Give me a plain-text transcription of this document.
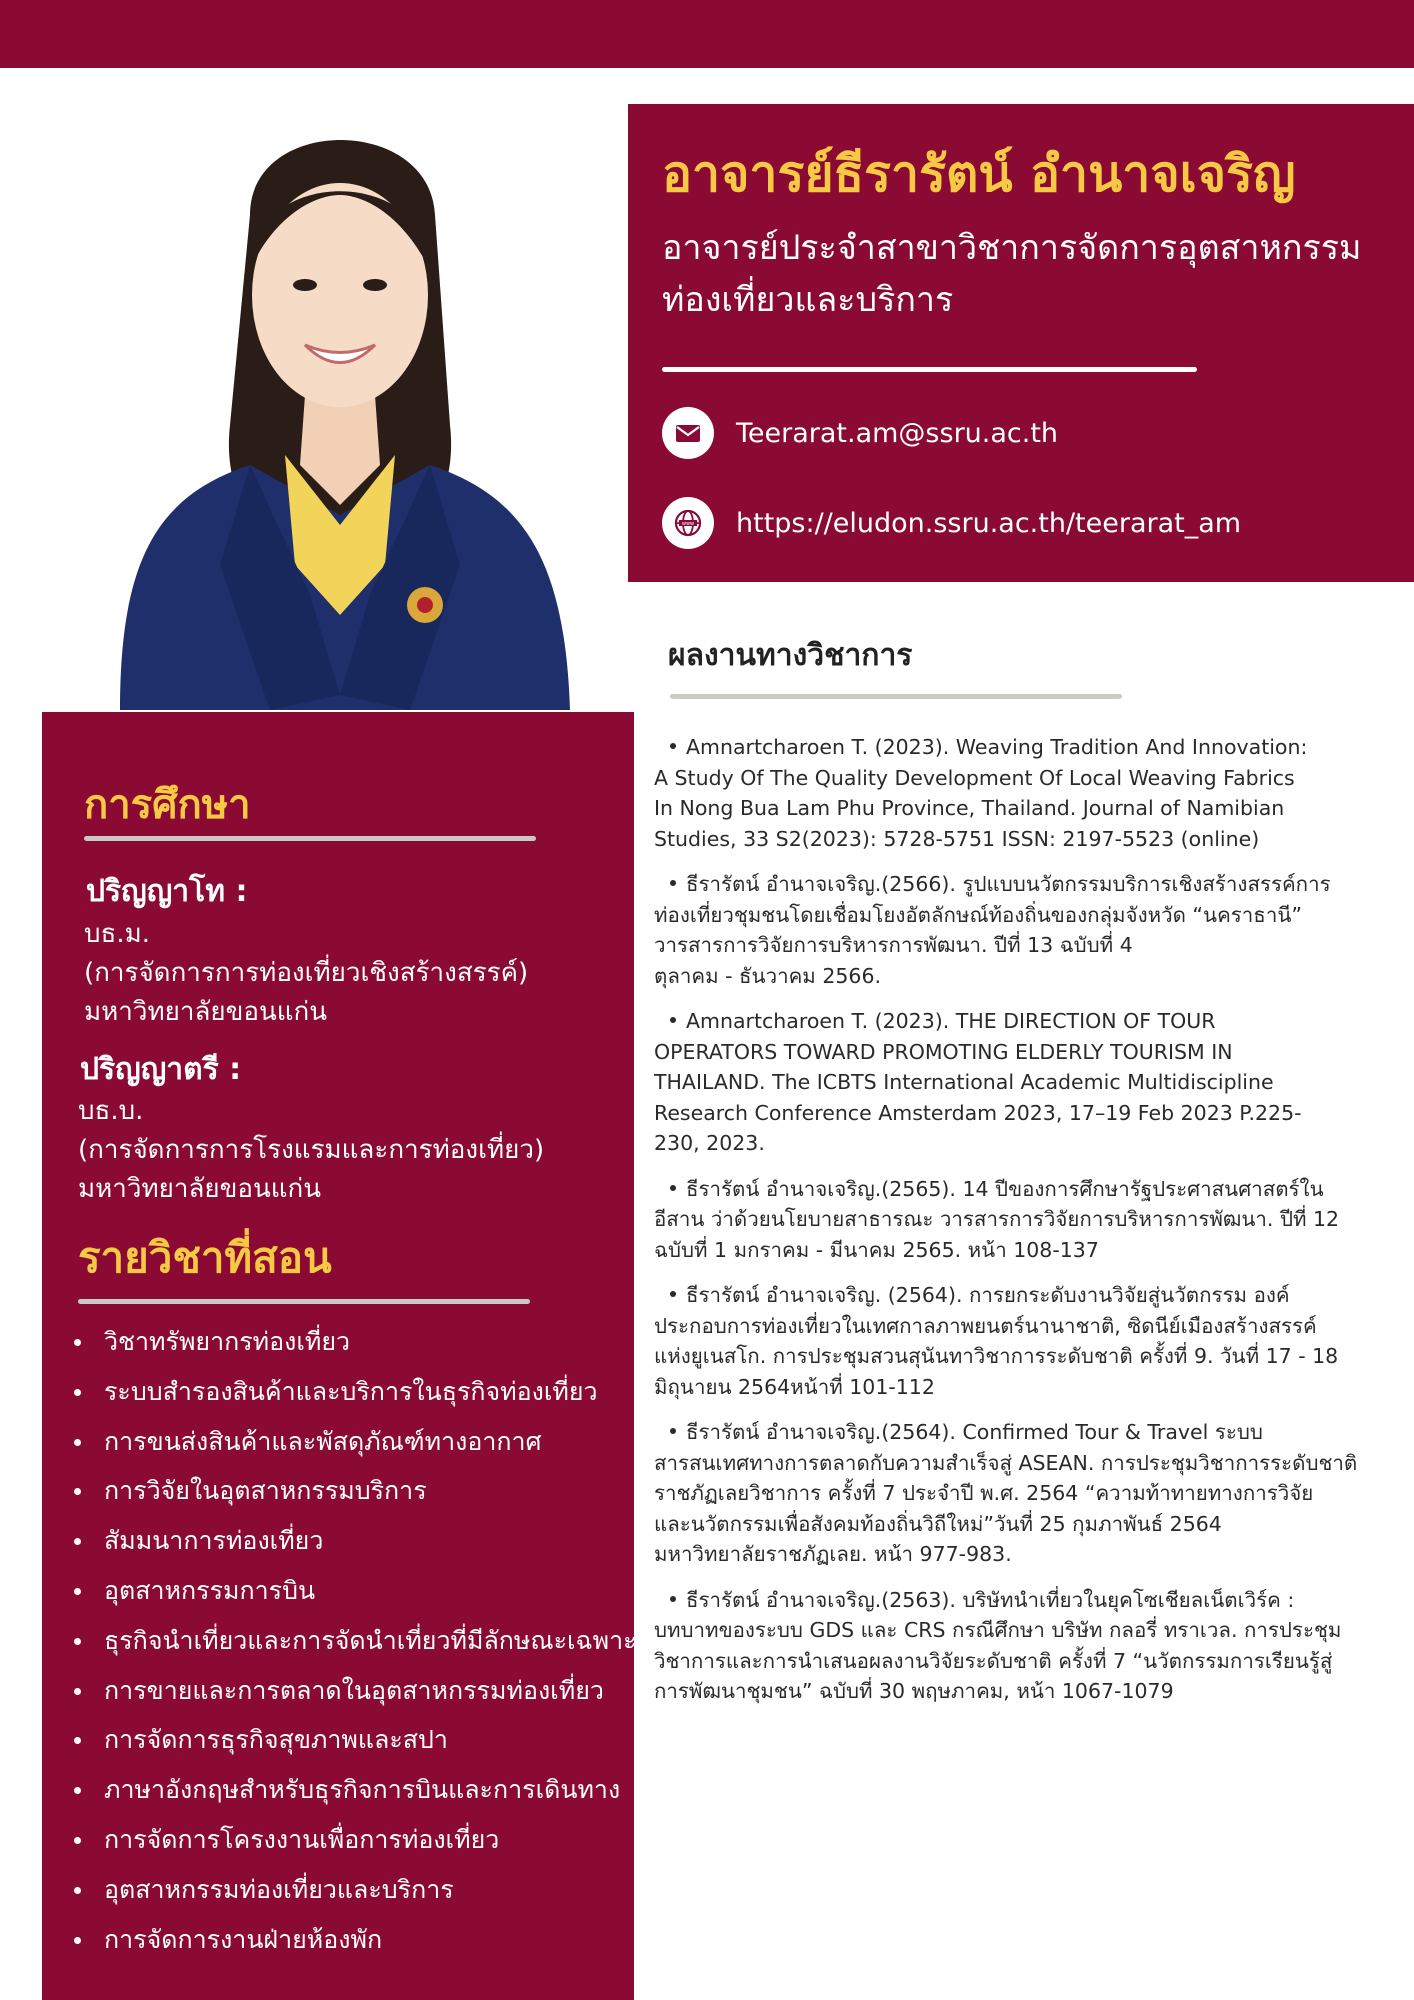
อาจารย์ธีรารัตน์ อำนาจเจริญ
อาจารย์ประจำสาขาวิชาการจัดการอุตสาหกรรม
ท่องเที่ยวและบริการ
Teerarat.am@ssru.ac.th
www https://eludon.ssru.ac.th/teerarat_am
การศึกษา
ปริญญาโท :
บธ.ม.
(การจัดการการท่องเที่ยวเชิงสร้างสรรค์)
มหาวิทยาลัยขอนแก่น
ปริญญาตรี :
บธ.บ.
(การจัดการการโรงแรมและการท่องเที่ยว)
มหาวิทยาลัยขอนแก่น
รายวิชาที่สอน
วิชาทรัพยากรท่องเที่ยว
ระบบสำรองสินค้าและบริการในธุรกิจท่องเที่ยว
การขนส่งสินค้าและพัสดุภัณฑ์ทางอากาศ
การวิจัยในอุตสาหกรรมบริการ
สัมมนาการท่องเที่ยว
อุตสาหกรรมการบิน
ธุรกิจนำเที่ยวและการจัดนำเที่ยวที่มีลักษณะเฉพาะ
การขายและการตลาดในอุตสาหกรรมท่องเที่ยว
การจัดการธุรกิจสุขภาพและสปา
ภาษาอังกฤษสำหรับธุรกิจการบินและการเดินทาง
การจัดการโครงงานเพื่อการท่องเที่ยว
อุตสาหกรรมท่องเที่ยวและบริการ
การจัดการงานฝ่ายห้องพัก
ผลงานทางวิชาการ
Amnartcharoen T. (2023). Weaving Tradition And Innovation:
A Study Of The Quality Development Of Local Weaving Fabrics
In Nong Bua Lam Phu Province, Thailand. Journal of Namibian
Studies, 33 S2(2023): 5728-5751 ISSN: 2197-5523 (online)
ธีรารัตน์ อำนาจเจริญ.(2566). รูปแบบนวัตกรรมบริการเชิงสร้างสรรค์การ
ท่องเที่ยวชุมชนโดยเชื่อมโยงอัตลักษณ์ท้องถิ่นของกลุ่มจังหวัด “นคราธานี”
วารสารการวิจัยการบริหารการพัฒนา. ปีที่ 13 ฉบับที่ 4
ตุลาคม - ธันวาคม 2566.
Amnartcharoen T. (2023). THE DIRECTION OF TOUR
OPERATORS TOWARD PROMOTING ELDERLY TOURISM IN
THAILAND. The ICBTS International Academic Multidiscipline
Research Conference Amsterdam 2023, 17–19 Feb 2023 P.225-
230, 2023.
ธีรารัตน์ อำนาจเจริญ.(2565). 14 ปีของการศึกษารัฐประศาสนศาสตร์ใน
อีสาน ว่าด้วยนโยบายสาธารณะ วารสารการวิจัยการบริหารการพัฒนา. ปีที่ 12
ฉบับที่ 1 มกราคม - มีนาคม 2565. หน้า 108-137
ธีรารัตน์ อำนาจเจริญ. (2564). การยกระดับงานวิจัยสู่นวัตกรรม องค์
ประกอบการท่องเที่ยวในเทศกาลภาพยนตร์นานาชาติ, ซิดนีย์เมืองสร้างสรรค์
แห่งยูเนสโก. การประชุมสวนสุนันทาวิชาการระดับชาติ ครั้งที่ 9. วันที่ 17 - 18
มิถุนายน 2564หน้าที่ 101-112
ธีรารัตน์ อำนาจเจริญ.(2564). Confirmed Tour & Travel ระบบ
สารสนเทศทางการตลาดกับความสำเร็จสู่ ASEAN. การประชุมวิชาการระดับชาติ
ราชภัฏเลยวิชาการ ครั้งที่ 7 ประจำปี พ.ศ. 2564 “ความท้าทายทางการวิจัย
และนวัตกรรมเพื่อสังคมท้องถิ่นวิถีใหม่”วันที่ 25 กุมภาพันธ์ 2564
มหาวิทยาลัยราชภัฏเลย. หน้า 977-983.
ธีรารัตน์ อำนาจเจริญ.(2563). บริษัทนำเที่ยวในยุคโซเชียลเน็ตเวิร์ค :
บทบาทของระบบ GDS และ CRS กรณีศึกษา บริษัท กลอรี่ ทราเวล. การประชุม
วิชาการและการนำเสนอผลงานวิจัยระดับชาติ ครั้งที่ 7 “นวัตกรรมการเรียนรู้สู่
การพัฒนาชุมชน” ฉบับที่ 30 พฤษภาคม, หน้า 1067-1079
